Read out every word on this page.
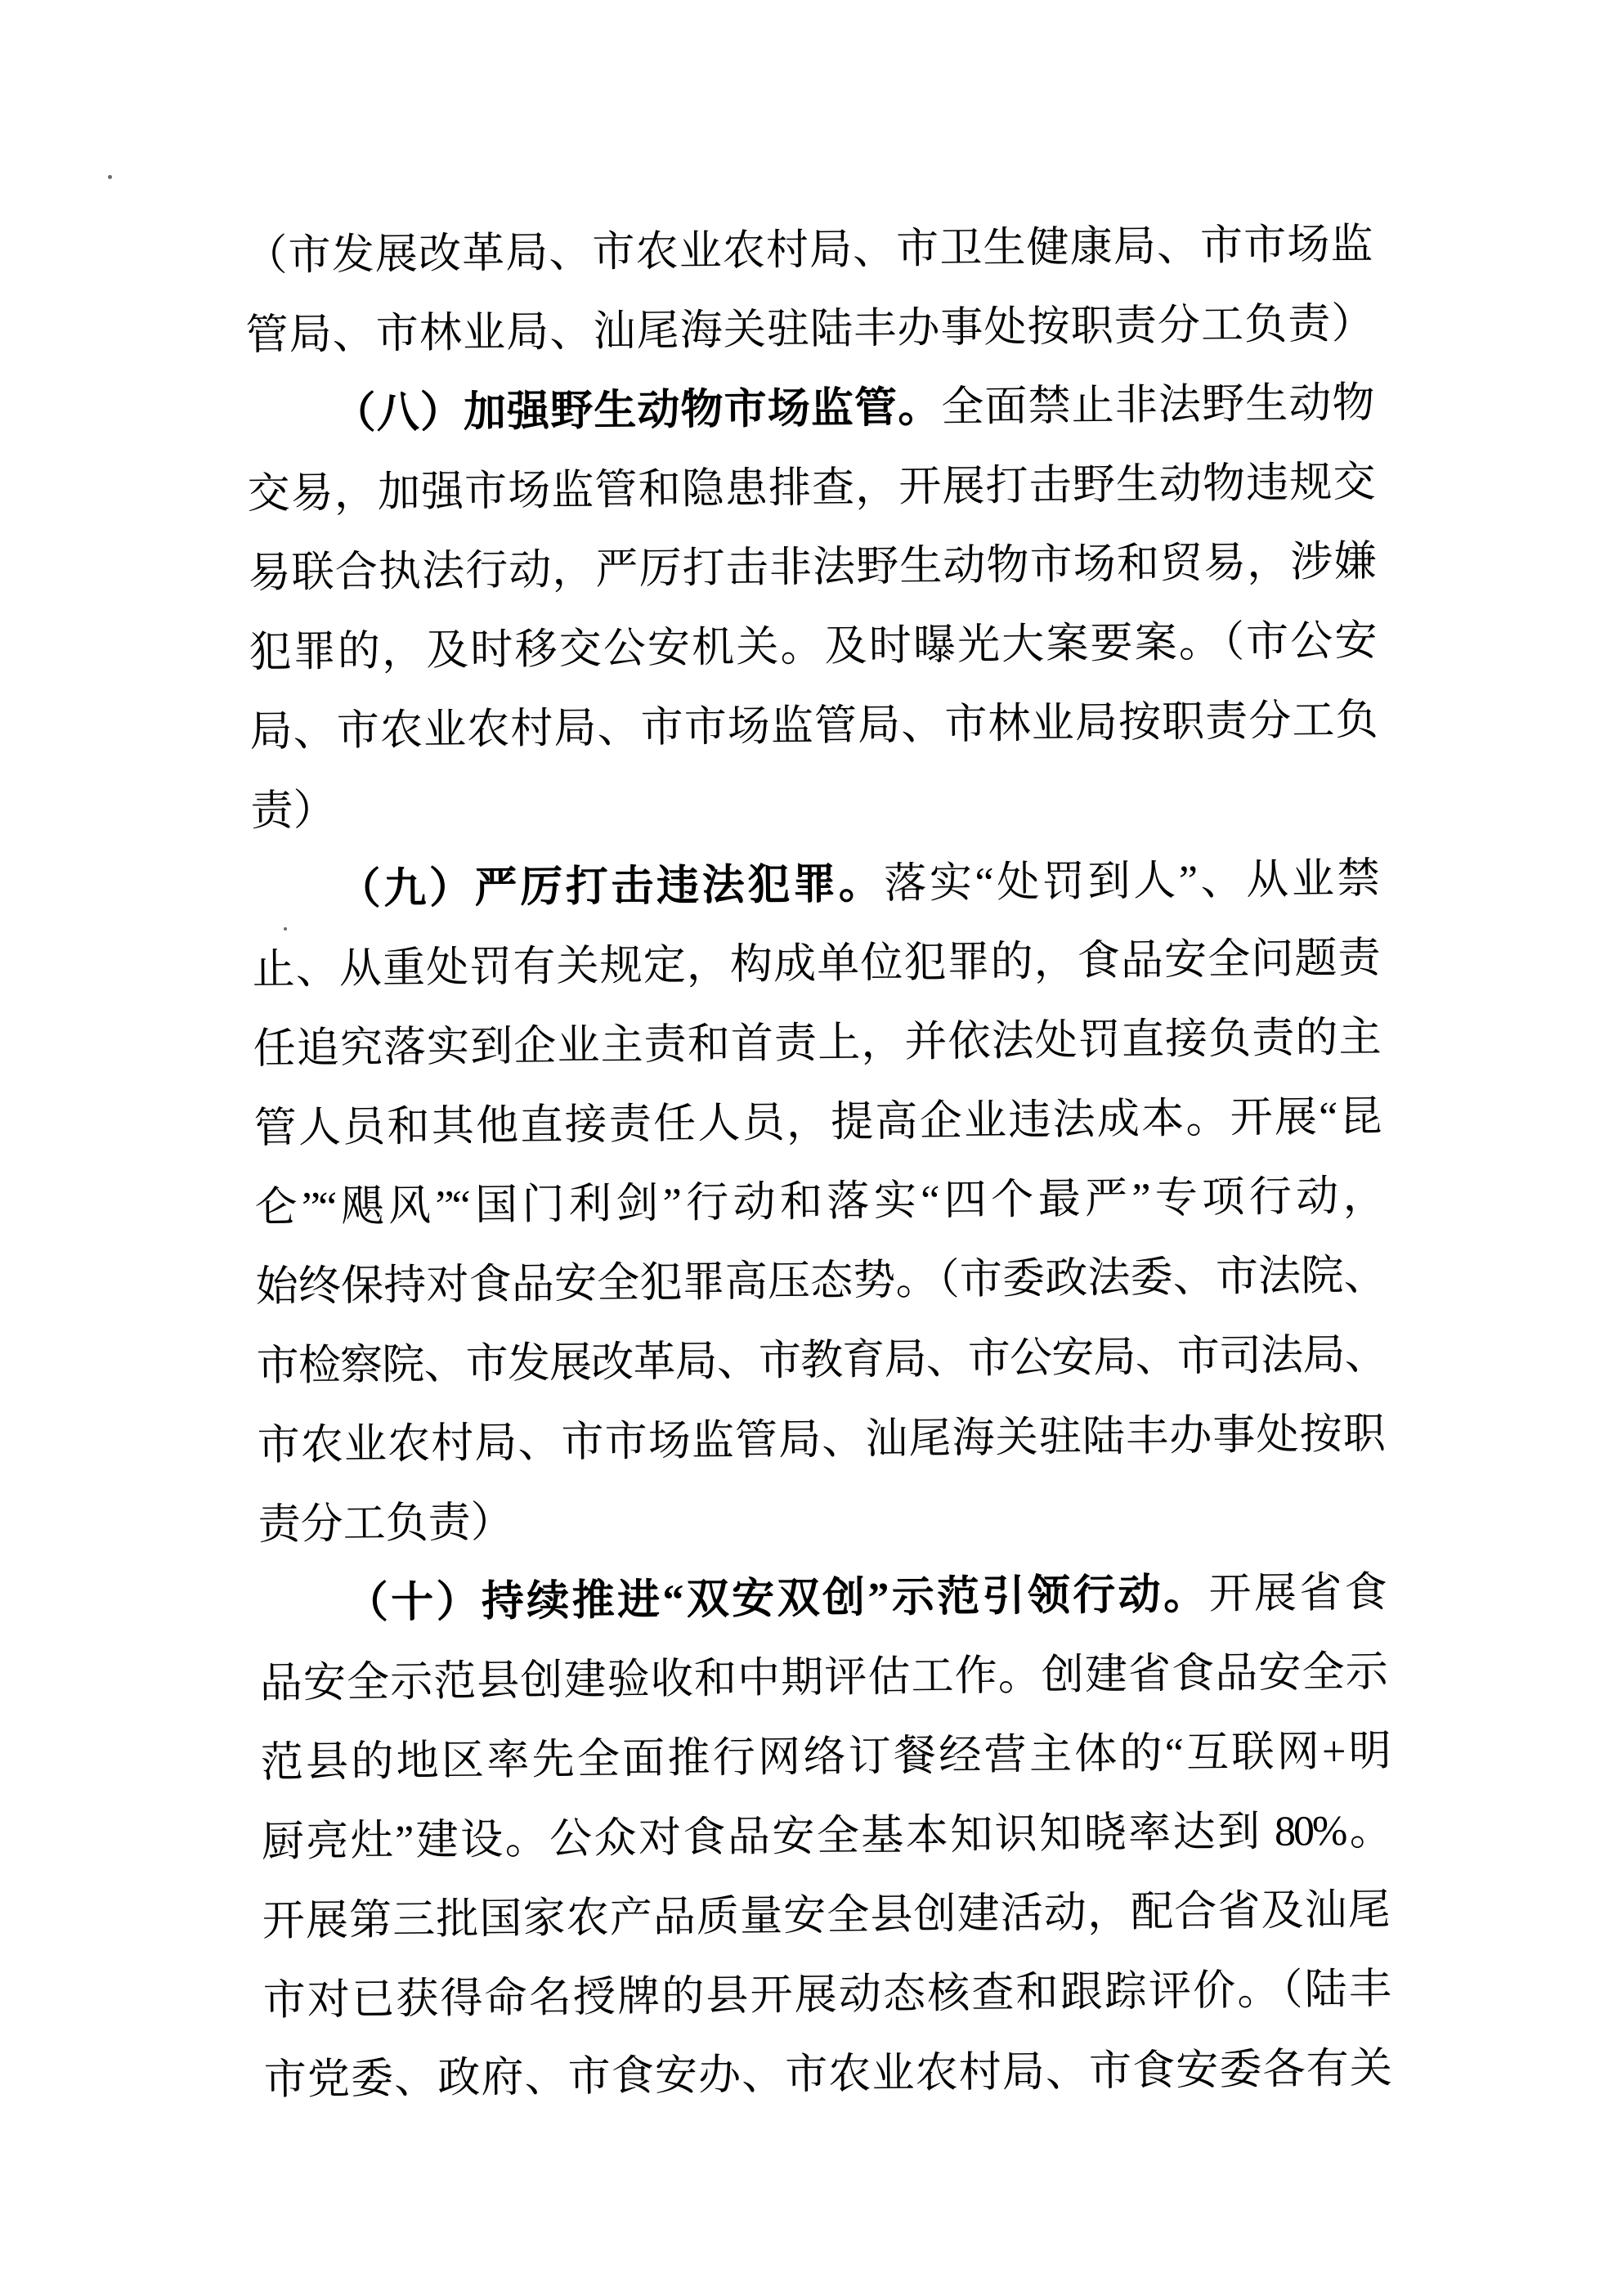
（市发展改革局、市农业农村局、市卫生健康局、市市场监
管局、市林业局、汕尾海关驻陆丰办事处按职责分工负责）
（八）加强野生动物市场监管。全面禁止非法野生动物
交易，加强市场监管和隐患排查，开展打击野生动物违规交
易联合执法行动，严厉打击非法野生动物市场和贸易，涉嫌
犯罪的，及时移交公安机关。及时曝光大案要案。（市公安
局、市农业农村局、市市场监管局、市林业局按职责分工负
责）
（九）严厉打击违法犯罪。落实“处罚到人”、从业禁
止、从重处罚有关规定，构成单位犯罪的，食品安全问题责
任追究落实到企业主责和首责上，并依法处罚直接负责的主
管人员和其他直接责任人员，提高企业违法成本。开展“昆
仑”“飓风”“国门利剑”行动和落实“四个最严”专项行动，
始终保持对食品安全犯罪高压态势。（市委政法委、市法院、
市检察院、市发展改革局、市教育局、市公安局、市司法局、
市农业农村局、市市场监管局、汕尾海关驻陆丰办事处按职
责分工负责）
（十）持续推进“双安双创”示范引领行动。开展省食
品安全示范县创建验收和中期评估工作。创建省食品安全示
范县的地区率先全面推行网络订餐经营主体的“互联网+明
厨亮灶”建设。公众对食品安全基本知识知晓率达到 80%。
开展第三批国家农产品质量安全县创建活动，配合省及汕尾
市对已获得命名授牌的县开展动态核查和跟踪评价。（陆丰
市党委、政府、市食安办、市农业农村局、市食安委各有关
